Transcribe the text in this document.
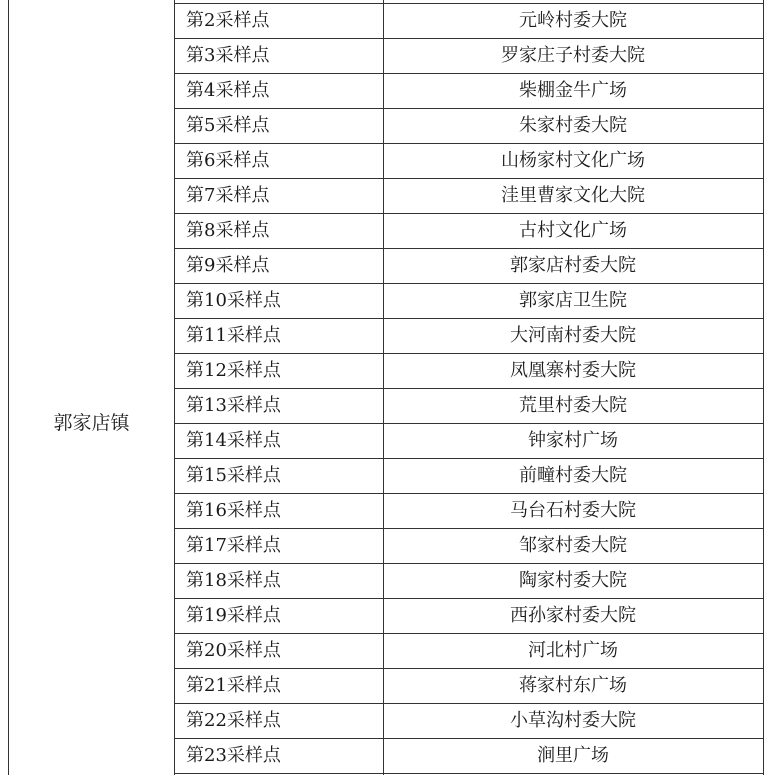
郭家店镇
第2采样点	元岭村委大院
第3采样点	罗家庄子村委大院
第4采样点	柴棚金牛广场
第5采样点	朱家村委大院
第6采样点	山杨家村文化广场
第7采样点	洼里曹家文化大院
第8采样点	古村文化广场
第9采样点	郭家店村委大院
第10采样点	郭家店卫生院
第11采样点	大河南村委大院
第12采样点	凤凰寨村委大院
第13采样点	荒里村委大院
第14采样点	钟家村广场
第15采样点	前疃村委大院
第16采样点	马台石村委大院
第17采样点	邹家村委大院
第18采样点	陶家村委大院
第19采样点	西孙家村委大院
第20采样点	河北村广场
第21采样点	蒋家村东广场
第22采样点	小草沟村委大院
第23采样点	涧里广场
